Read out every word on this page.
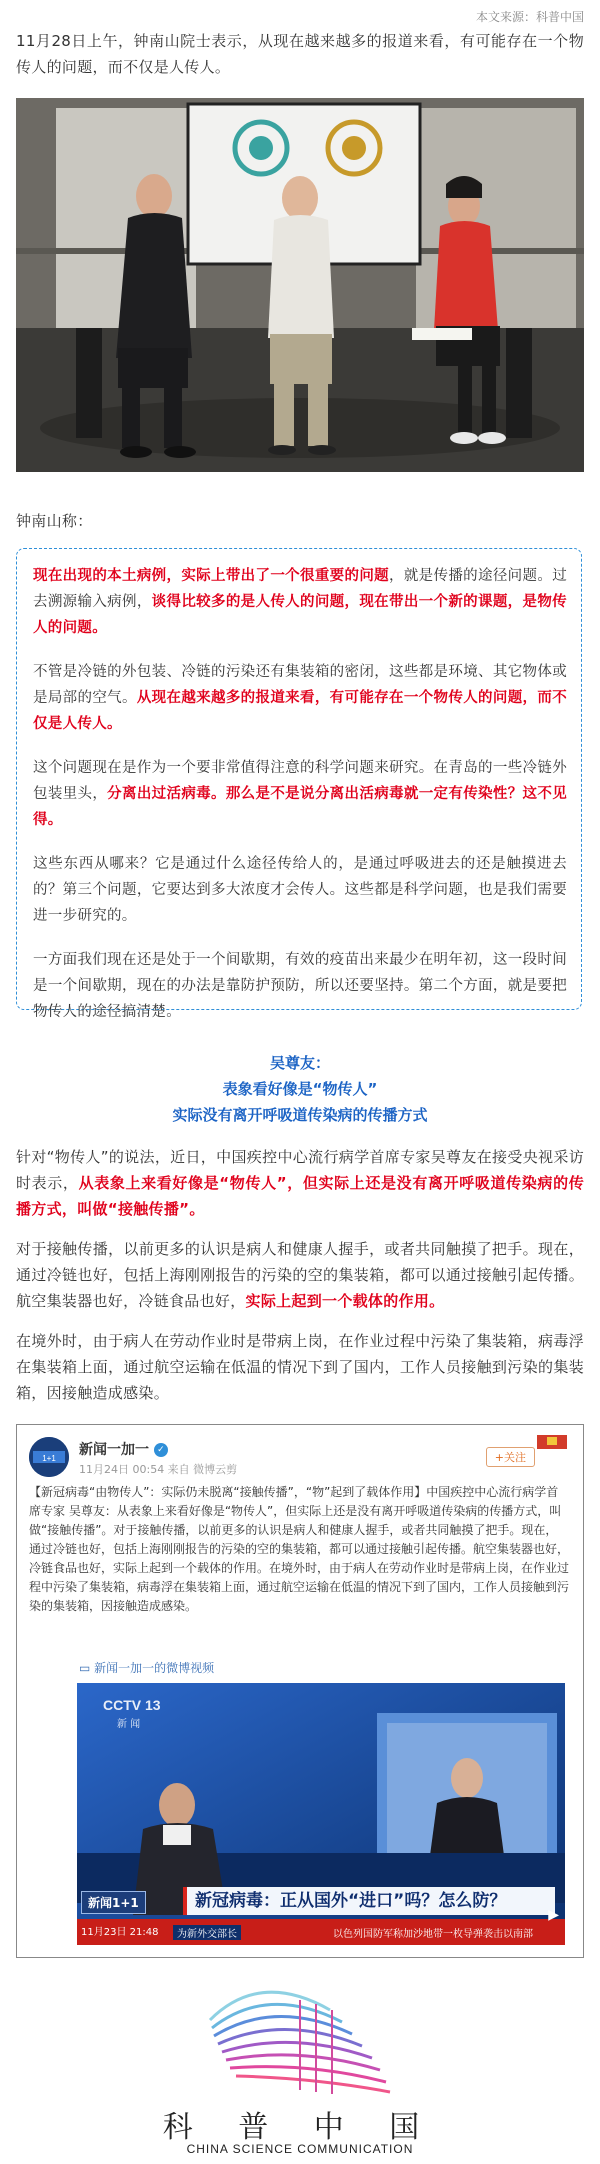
本文来源：科普中国

11月28日上午，钟南山院士表示，从现在越来越多的报道来看，有可能存在一个物传人的问题，而不仅是人传人。

钟南山称：

现在出现的本土病例，实际上带出了一个很重要的问题，就是传播的途径问题。过去溯源输入病例，谈得比较多的是人传人的问题，现在带出一个新的课题，是物传人的问题。

不管是冷链的外包装、冷链的污染还有集装箱的密闭，这些都是环境、其它物体或是局部的空气。从现在越来越多的报道来看，有可能存在一个物传人的问题，而不仅是人传人。

这个问题现在是作为一个要非常值得注意的科学问题来研究。在青岛的一些冷链外包装里头，分离出过活病毒。那么是不是说分离出活病毒就一定有传染性？这不见得。

这些东西从哪来？它是通过什么途径传给人的，是通过呼吸进去的还是触摸进去的？第三个问题，它要达到多大浓度才会传人。这些都是科学问题，也是我们需要进一步研究的。

一方面我们现在还是处于一个间歇期，有效的疫苗出来最少在明年初，这一段时间是一个间歇期，现在的办法是靠防护预防，所以还要坚持。第二个方面，就是要把物传人的途径搞清楚。

吴尊友：
表象看好像是“物传人”
实际没有离开呼吸道传染病的传播方式

针对“物传人”的说法，近日，中国疾控中心流行病学首席专家吴尊友在接受央视采访时表示，从表象上来看好像是“物传人”，但实际上还是没有离开呼吸道传染病的传播方式，叫做“接触传播”。

对于接触传播，以前更多的认识是病人和健康人握手，或者共同触摸了把手。现在，通过冷链也好，包括上海刚刚报告的污染的空的集装箱，都可以通过接触引起传播。航空集装器也好，冷链食品也好，实际上起到一个载体的作用。

在境外时，由于病人在劳动作业时是带病上岗，在作业过程中污染了集装箱，病毒浮在集装箱上面，通过航空运输在低温的情况下到了国内，工作人员接触到污染的集装箱，因接触造成感染。

1+1
新闻一加一 ✓
11月24日 00:54 来自 微博云剪
+关注
【新冠病毒“由物传人”：实际仍未脱离“接触传播”，“物”起到了载体作用】中国疾控中心流行病学首席专家 吴尊友：从表象上来看好像是“物传人”，但实际上还是没有离开呼吸道传染病的传播方式，叫做“接触传播”。对于接触传播，以前更多的认识是病人和健康人握手，或者共同触摸了把手。现在，通过冷链也好，包括上海刚刚报告的污染的空的集装箱，都可以通过接触引起传播。航空集装器也好，冷链食品也好，实际上起到一个载体的作用。在境外时，由于病人在劳动作业时是带病上岗，在作业过程中污染了集装箱，病毒浮在集装箱上面，通过航空运输在低温的情况下到了国内，工作人员接触到污染的集装箱，因接触造成感染。
▭ 新闻一加一的微博视频
CCTV 13
新 闻
新闻1+1	新冠病毒：正从国外“进口”吗？怎么防？
11月23日 21:48	为新外交部长	以色列国防军称加沙地带一枚导弹袭击以南部
▶
科 普 中 国
CHINA SCIENCE COMMUNICATION
